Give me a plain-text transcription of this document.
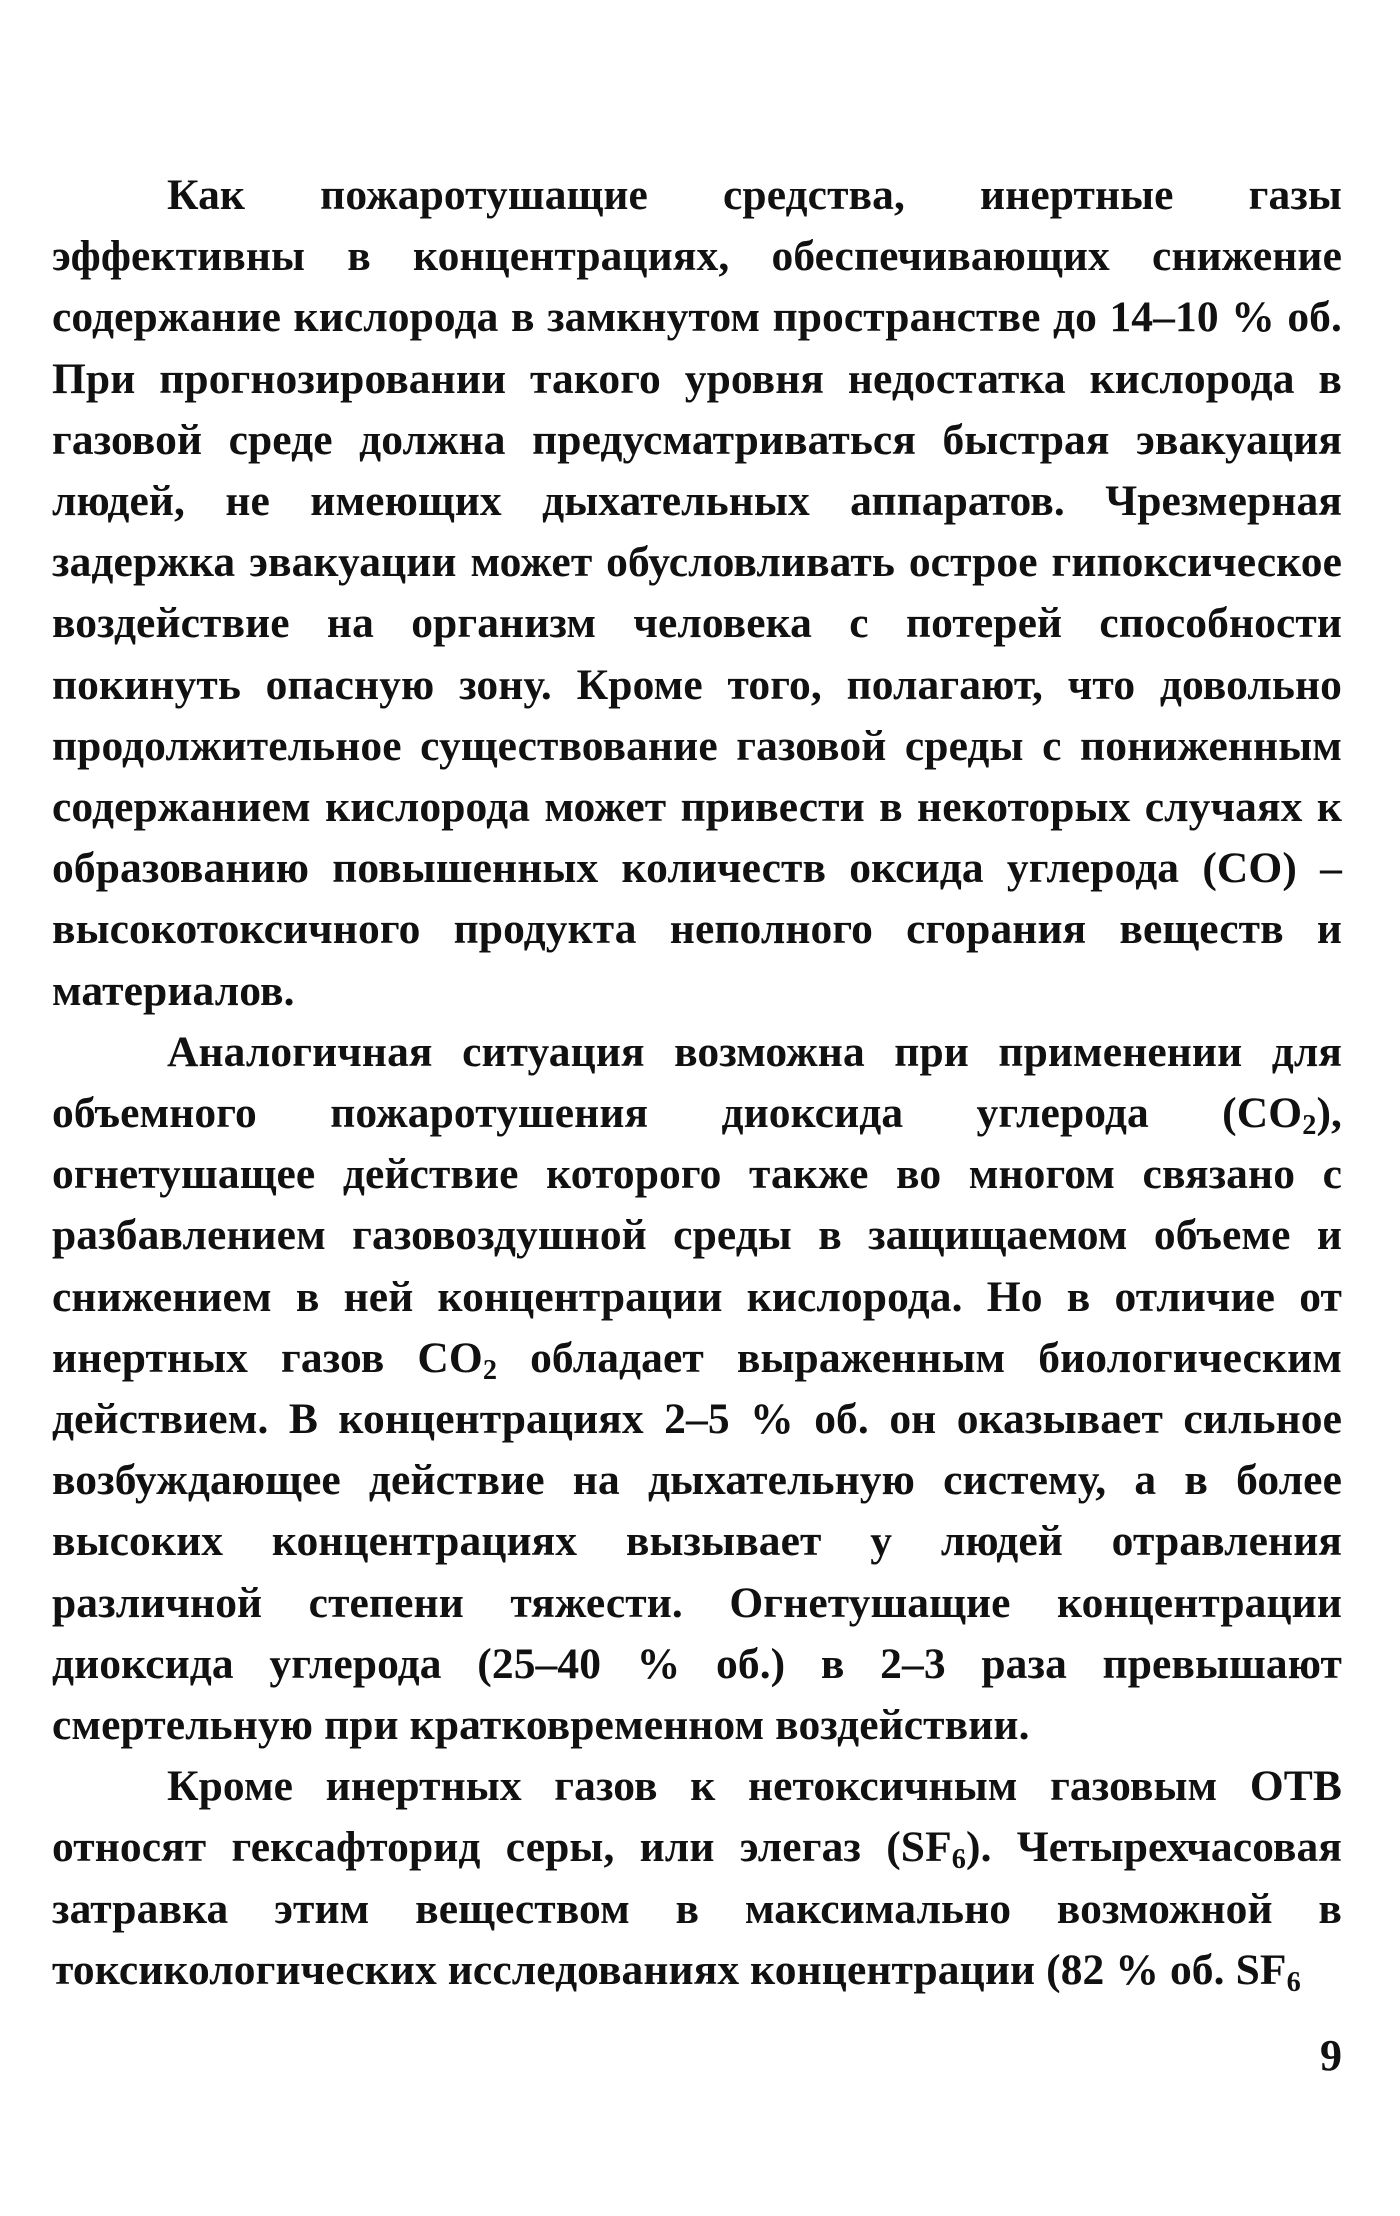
Как пожаротушащие средства, инертные газы эффективны в концентрациях, обеспечивающих снижение содержание кислорода в замкнутом пространстве до 14–10 % об. При прогнозировании такого уровня недостатка кислорода в газовой среде должна предусматриваться быстрая эвакуация людей, не имеющих дыхательных аппаратов. Чрезмерная задержка эвакуации может обусловливать острое гипоксическое воздействие на организм человека с потерей способности покинуть опасную зону. Кроме того, полагают, что довольно продолжительное существование газовой среды с пониженным содержанием кислорода может привести в некоторых случаях к образованию повышенных количеств оксида углерода (СО) – высокотоксичного продукта неполного сгорания веществ и материалов.

Аналогичная ситуация возможна при применении для объемного пожаротушения диоксида углерода $(СО_2)$, огнетушащее действие которого также во многом связано с разбавлением газовоздушной среды в защищаемом объеме и снижением в ней концентрации кислорода. Но в отличие от инертных газов $СО_2$ обладает выраженным биологическим действием. В концентрациях 2–5 % об. он оказывает сильное возбуждающее действие на дыхательную систему, а в более высоких концентрациях вызывает у людей отравления различной степени тяжести. Огнетушащие концентрации диоксида углерода (25–40 % об.) в 2–3 раза превышают смертельную при кратковременном воздействии.

Кроме инертных газов к нетоксичным газовым ОТВ относят гексафторид серы, или элегаз $(SF_6)$. Четырехчасовая затравка этим веществом в максимально возможной в токсикологических исследованиях концентрации (82 % об. $SF_6$

9
